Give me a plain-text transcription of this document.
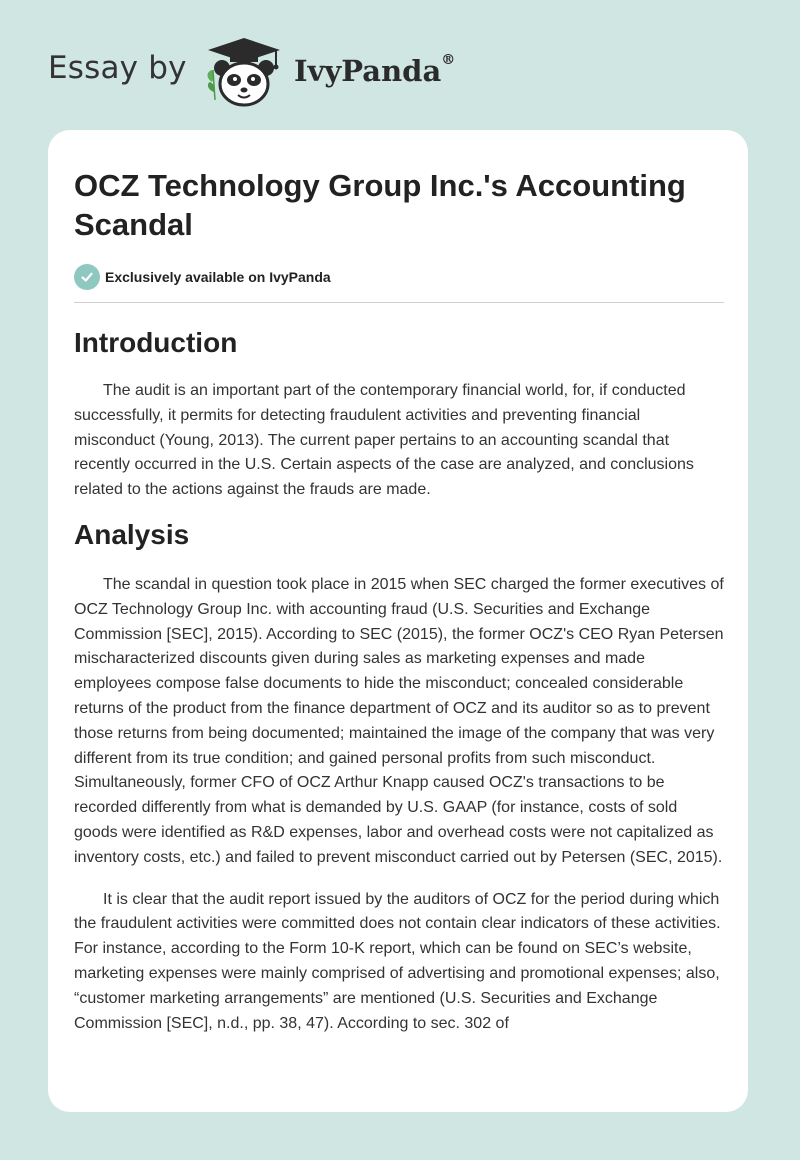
Essay by	IvyPanda®
OCZ Technology Group Inc.'s Accounting Scandal
Exclusively available on IvyPanda
Introduction

The audit is an important part of the contemporary financial world, for, if conducted successfully, it permits for detecting fraudulent activities and preventing financial misconduct (Young, 2013). The current paper pertains to an accounting scandal that recently occurred in the U.S. Certain aspects of the case are analyzed, and conclusions related to the actions against the frauds are made.

Analysis

The scandal in question took place in 2015 when SEC charged the former executives of OCZ Technology Group Inc. with accounting fraud (U.S. Securities and Exchange Commission [SEC], 2015). According to SEC (2015), the former OCZ's CEO Ryan Petersen mischaracterized discounts given during sales as marketing expenses and made employees compose false documents to hide the misconduct; concealed considerable returns of the product from the finance department of OCZ and its auditor so as to prevent those returns from being documented; maintained the image of the company that was very different from its true condition; and gained personal profits from such misconduct. Simultaneously, former CFO of OCZ Arthur Knapp caused OCZ's transactions to be recorded differently from what is demanded by U.S. GAAP (for instance, costs of sold goods were identified as R&D expenses, labor and overhead costs were not capitalized as inventory costs, etc.) and failed to prevent misconduct carried out by Petersen (SEC, 2015).

It is clear that the audit report issued by the auditors of OCZ for the period during which the fraudulent activities were committed does not contain clear indicators of these activities. For instance, according to the Form 10-K report, which can be found on SEC’s website, marketing expenses were mainly comprised of advertising and promotional expenses; also, “customer marketing arrangements” are mentioned (U.S. Securities and Exchange Commission [SEC], n.d., pp. 38, 47). According to sec. 302 of
